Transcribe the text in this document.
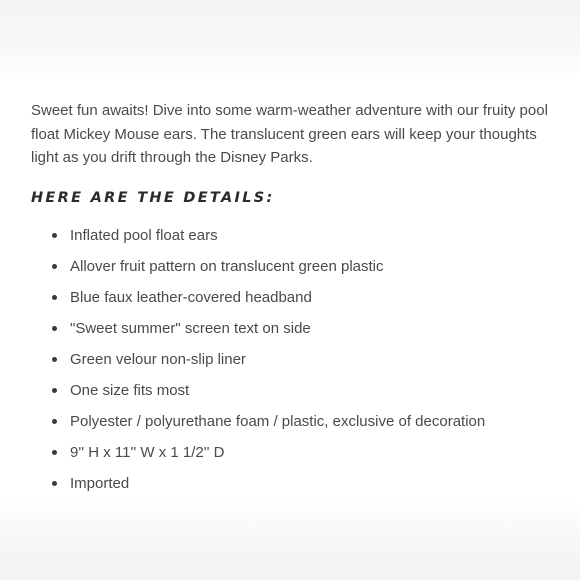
Sweet fun awaits! Dive into some warm-weather adventure with our fruity pool float Mickey Mouse ears. The translucent green ears will keep your thoughts light as you drift through the Disney Parks.

HERE ARE THE DETAILS:
Inflated pool float ears
Allover fruit pattern on translucent green plastic
Blue faux leather-covered headband
"Sweet summer" screen text on side
Green velour non-slip liner
One size fits most
Polyester / polyurethane foam / plastic, exclusive of decoration
9'' H x 11'' W x 1 1/2'' D
Imported
